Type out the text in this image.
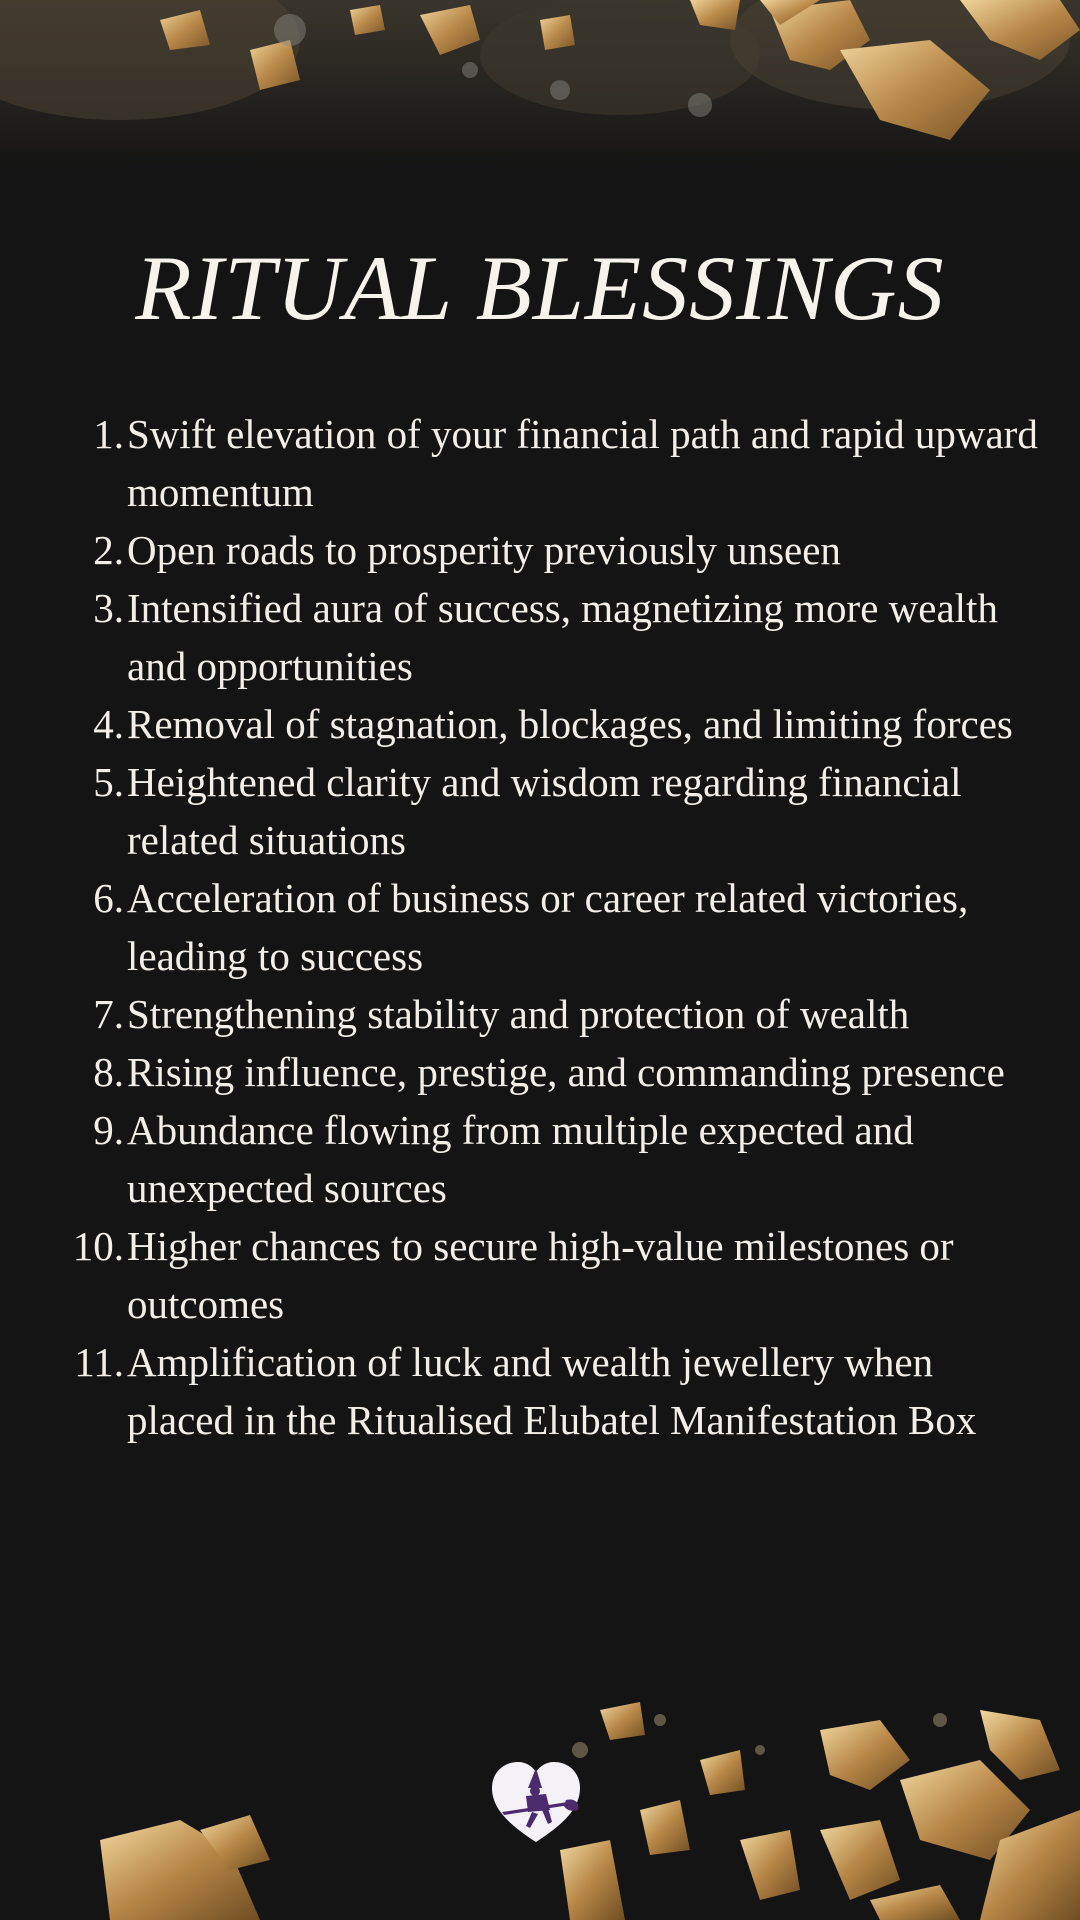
RITUAL BLESSINGS
1. Swift elevation of your financial path and rapid upward momentum
2. Open roads to prosperity previously unseen
3. Intensified aura of success, magnetizing more wealth and opportunities
4. Removal of stagnation, blockages, and limiting forces
5. Heightened clarity and wisdom regarding financial related situations
6. Acceleration of business or career related victories, leading to success
7. Strengthening stability and protection of wealth
8. Rising influence, prestige, and commanding presence
9. Abundance flowing from multiple expected and unexpected sources
10. Higher chances to secure high-value milestones or outcomes
11. Amplification of luck and wealth jewellery when placed in the Ritualised Elubatel Manifestation Box
